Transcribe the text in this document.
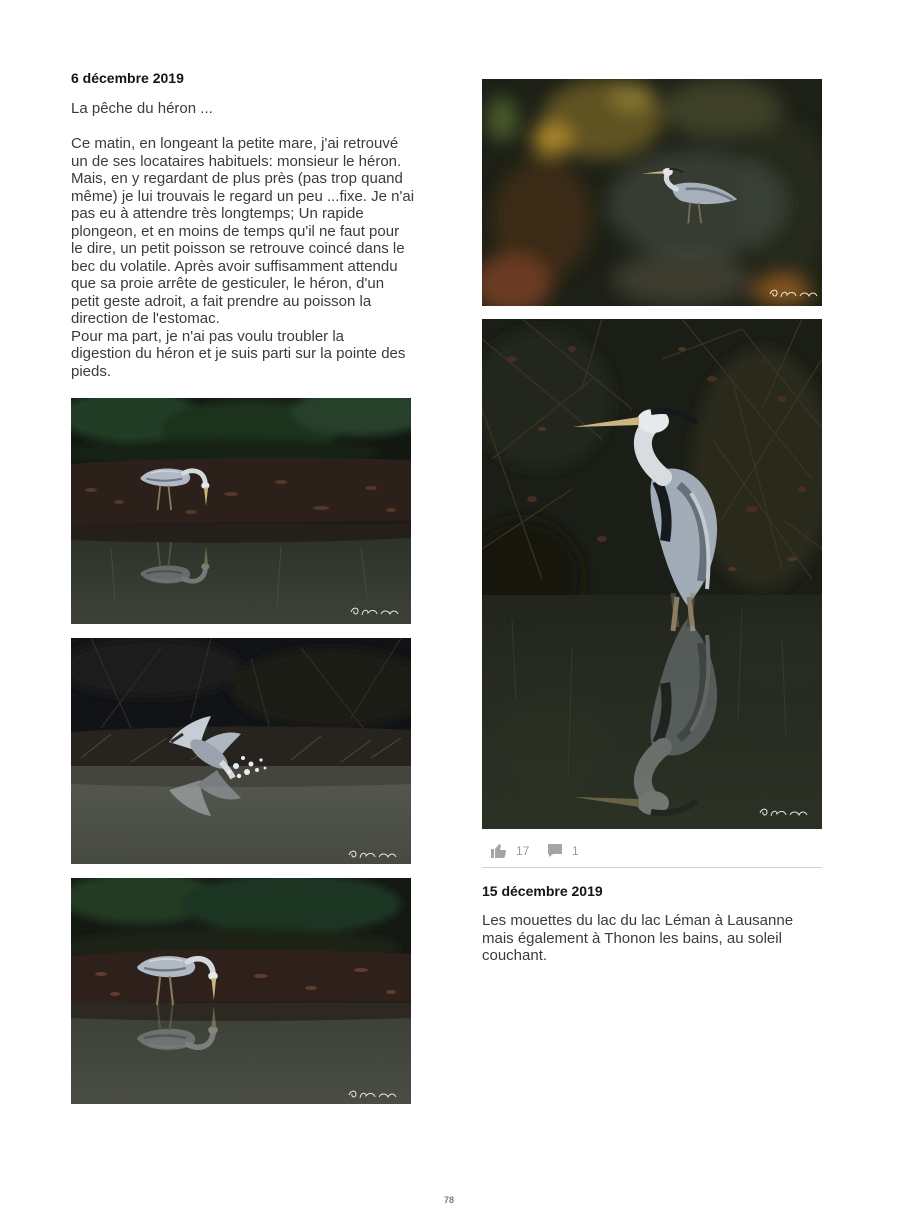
6 décembre 2019
La pêche du héron ...
Ce matin, en longeant la petite mare, j'ai retrouvé
un de ses locataires habituels: monsieur le héron.
Mais, en y regardant de plus près (pas trop quand
même) je lui trouvais le regard un peu ...fixe. Je n'ai
pas eu à attendre très longtemps; Un rapide
plongeon, et en moins de temps qu'il ne faut pour
le dire, un petit poisson se retrouve coincé dans le
bec du volatile. Après avoir suffisamment attendu
que sa proie arrête de gesticuler, le héron, d'un
petit geste adroit, a fait prendre au poisson la
direction de l'estomac.
Pour ma part, je n'ai pas voulu troubler la
digestion du héron et je suis parti sur la pointe des
pieds.
17	1
15 décembre 2019
Les mouettes du lac du lac Léman à Lausanne
mais également à Thonon les bains, au soleil
couchant.
78
